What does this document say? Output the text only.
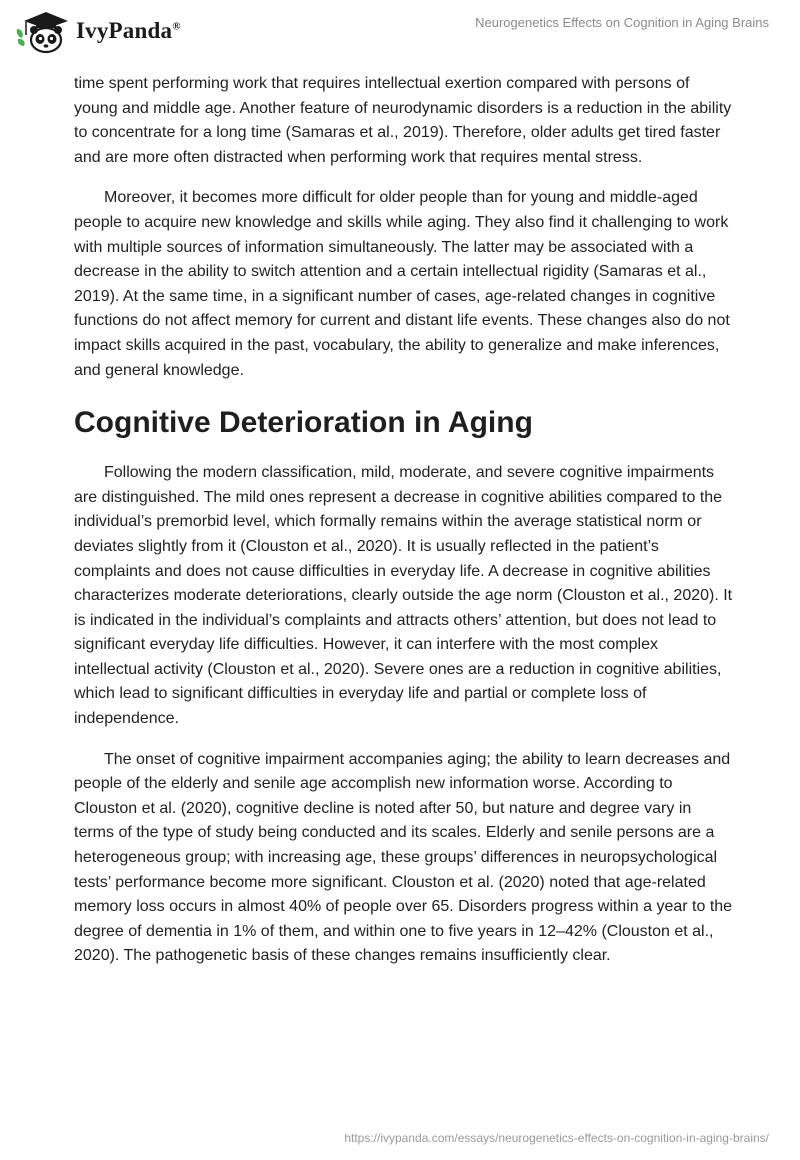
IvyPanda®	Neurogenetics Effects on Cognition in Aging Brains

time spent performing work that requires intellectual exertion compared with persons of young and middle age. Another feature of neurodynamic disorders is a reduction in the ability to concentrate for a long time (Samaras et al., 2019). Therefore, older adults get tired faster and are more often distracted when performing work that requires mental stress.

Moreover, it becomes more difficult for older people than for young and middle-aged people to acquire new knowledge and skills while aging. They also find it challenging to work with multiple sources of information simultaneously. The latter may be associated with a decrease in the ability to switch attention and a certain intellectual rigidity (Samaras et al., 2019). At the same time, in a significant number of cases, age-related changes in cognitive functions do not affect memory for current and distant life events. These changes also do not impact skills acquired in the past, vocabulary, the ability to generalize and make inferences, and general knowledge.

Cognitive Deterioration in Aging

Following the modern classification, mild, moderate, and severe cognitive impairments are distinguished. The mild ones represent a decrease in cognitive abilities compared to the individual’s premorbid level, which formally remains within the average statistical norm or deviates slightly from it (Clouston et al., 2020). It is usually reflected in the patient’s complaints and does not cause difficulties in everyday life. A decrease in cognitive abilities characterizes moderate deteriorations, clearly outside the age norm (Clouston et al., 2020). It is indicated in the individual’s complaints and attracts others’ attention, but does not lead to significant everyday life difficulties. However, it can interfere with the most complex intellectual activity (Clouston et al., 2020). Severe ones are a reduction in cognitive abilities, which lead to significant difficulties in everyday life and partial or complete loss of independence.

The onset of cognitive impairment accompanies aging; the ability to learn decreases and people of the elderly and senile age accomplish new information worse. According to Clouston et al. (2020), cognitive decline is noted after 50, but nature and degree vary in terms of the type of study being conducted and its scales. Elderly and senile persons are a heterogeneous group; with increasing age, these groups’ differences in neuropsychological tests’ performance become more significant. Clouston et al. (2020) noted that age-related memory loss occurs in almost 40% of people over 65. Disorders progress within a year to the degree of dementia in 1% of them, and within one to five years in 12–42% (Clouston et al., 2020). The pathogenetic basis of these changes remains insufficiently clear.

https://ivypanda.com/essays/neurogenetics-effects-on-cognition-in-aging-brains/
